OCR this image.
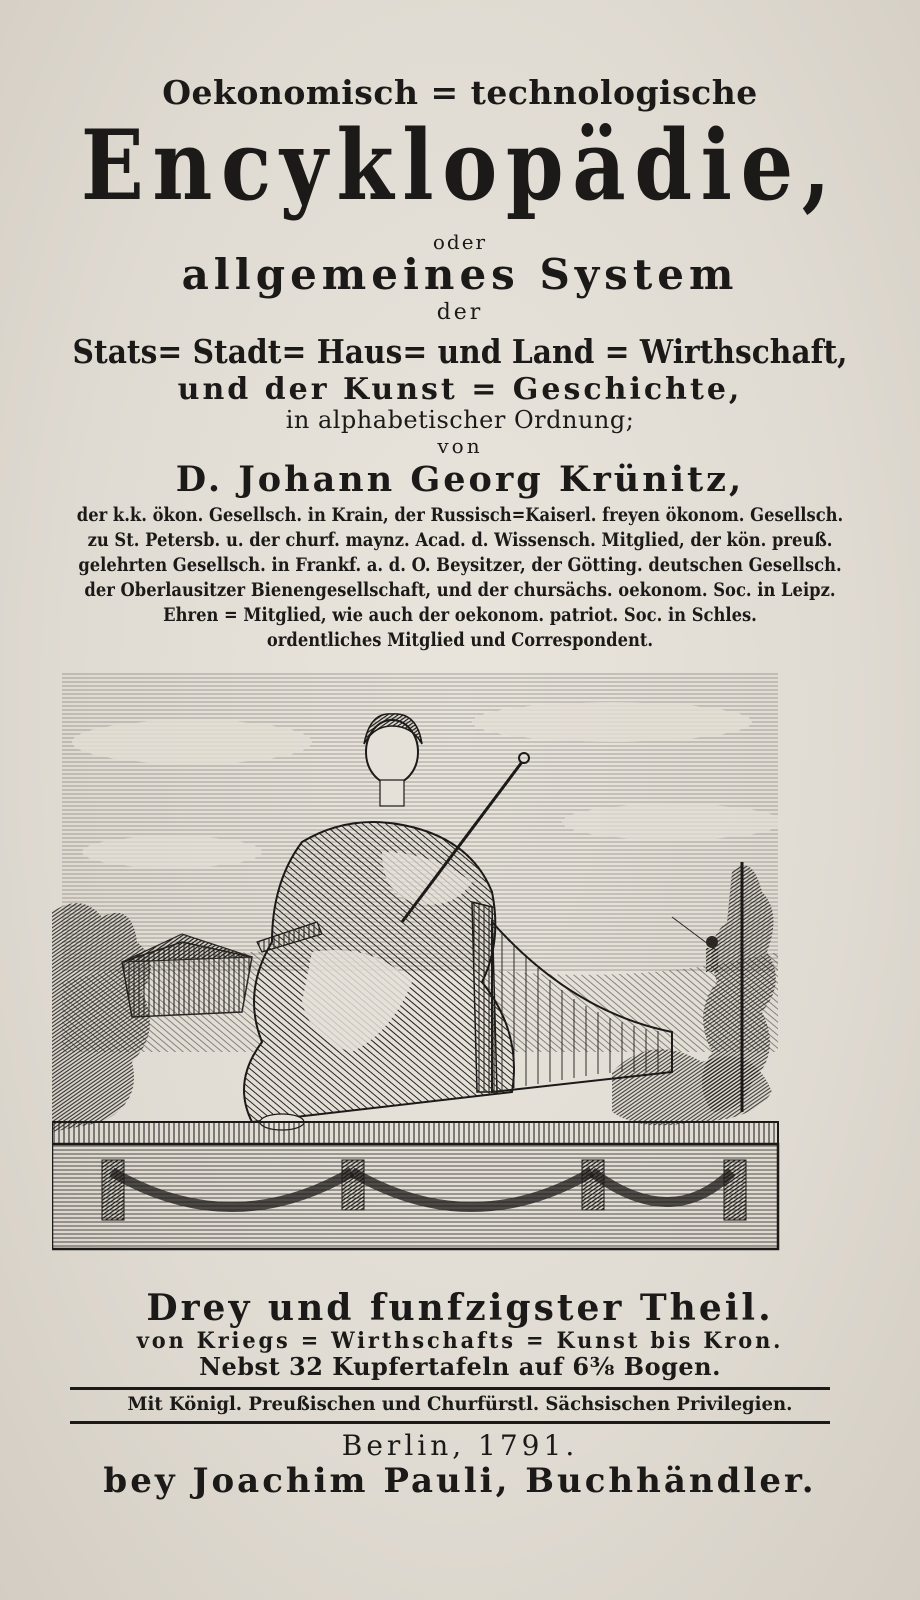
Oekonomisch = technologische
Encyklopädie,
oder
allgemeines System
der
Stats= Stadt= Haus= und Land = Wirthschaft,
und der Kunst = Geschichte,
in alphabetischer Ordnung;
von
D. Johann Georg Krünitz,
der k.k. ökon. Gesellsch. in Krain, der Russisch=Kaiserl. freyen ökonom. Gesellsch.
zu St. Petersb. u. der churf. maynz. Acad. d. Wissensch. Mitglied, der kön. preuß.
gelehrten Gesellsch. in Frankf. a. d. O. Beysitzer, der Götting. deutschen Gesellsch.
der Oberlausitzer Bienengesellschaft, und der chursächs. oekonom. Soc. in Leipz.
Ehren = Mitglied, wie auch der oekonom. patriot. Soc. in Schles.
ordentliches Mitglied und Correspondent.
Drey und funfzigster Theil.
von Kriegs = Wirthschafts = Kunst bis Kron.
Nebst 32 Kupfertafeln auf 6⅜ Bogen.
Mit Königl. Preußischen und Churfürstl. Sächsischen Privilegien.
Berlin, 1791.
bey Joachim Pauli, Buchhändler.
